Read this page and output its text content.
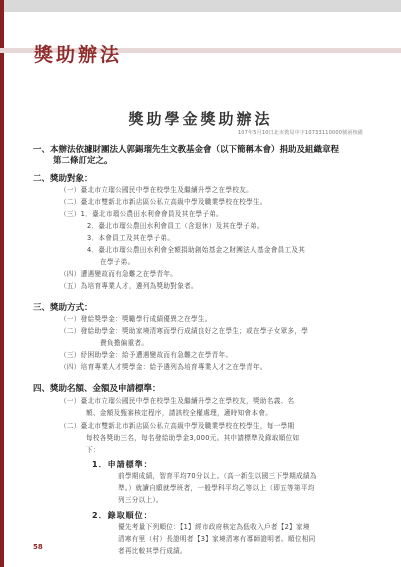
獎助辦法
獎助學金獎助辦法
107年5月10日北市教局中字10733110000號函核備
一、本辦法依據財團法人郭錫瑠先生文教基金會（以下簡稱本會）捐助及組織章程
第二條訂定之。
二、獎助對象：
（一）臺北市立瑠公國民中學在校學生及繼續升學之在學校友。
（二）臺北市雙新北市新店區公私立高級中學及職業學校在校學生。
（三）1．臺北市瑠公農田水利會會員及其在學子弟。
2．臺北市瑠公農田水利會員工（含退休）及其在學子弟。
3．本會員工及其在學子弟。
4．臺北市瑠公農田水利會全額捐助創始基金之財團法人基金會員工及其
在學子弟。
（四）遭遇變故而有急難之在學青年。
（五）為培育專業人才，遴列為獎助對象者。
三、獎助方式：
（一）發給獎學金：獎勵學行成績優異之在學生。
（二）發給助學金：獎助家境清寒而學行成績良好之在學生；或在學子女眾多，學
費負擔偏重者。
（三）紓困助學金：給予遭遇變故而有急難之在學青年。
（四）培育專業人才獎學金：給予遴列為培育專業人才之在學青年。
四、獎助名額、金額及申請標準：
（一）臺北市立瑠公國民中學在校學生及繼續升學之在學校友，獎助名義、名
額、金額及甄審核定程序，請該校全權處理，適時知會本會。
（二）臺北市雙新北市新店區公私立高級中學及職業學校在校學生，每一學期
每校各獎助三名，每名發給助學金3,000元。其申請標準及錄取順位如
下：
1．申請標準：
前學期成績，智育平均70分以上。（高一新生以國三下學期成績為
準。）就讀自願就學班者，一般學科平均乙等以上（即五等第平均
列三分以上）。
2．錄取順位：
優先考量下列順位：【1】經市政府核定為低收入戶者【2】家境
清寒有里（村）長證明者【3】家境清寒有導師證明者。順位相同
者再比較其學行成績。
58
